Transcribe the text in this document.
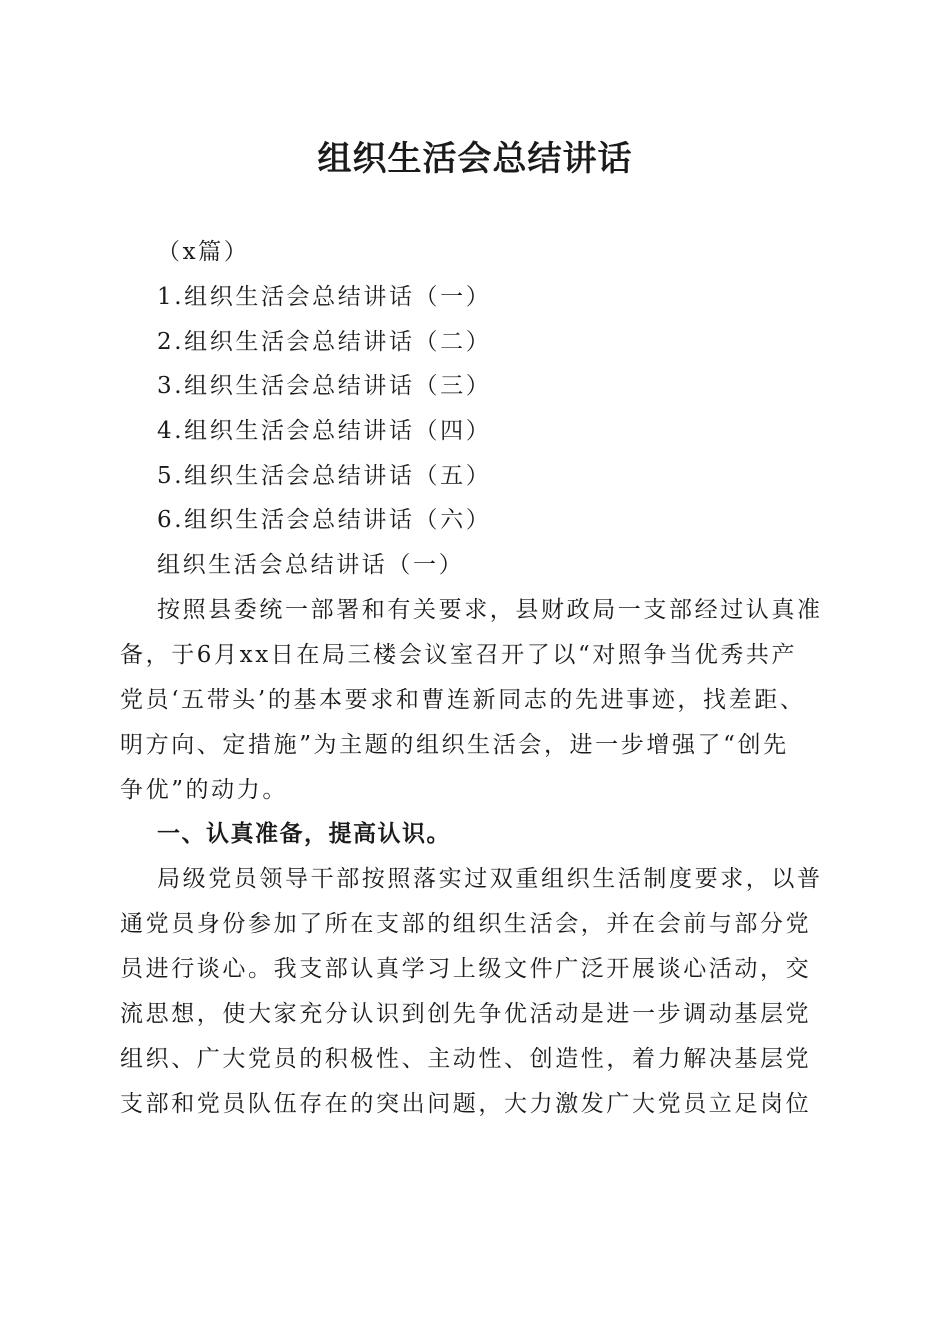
组织生活会总结讲话
（x篇）
1.组织生活会总结讲话（一）
2.组织生活会总结讲话（二）
3.组织生活会总结讲话（三）
4.组织生活会总结讲话（四）
5.组织生活会总结讲话（五）
6.组织生活会总结讲话（六）
组织生活会总结讲话（一）
按照县委统一部署和有关要求，县财政局一支部经过认真准
备，于6月xx日在局三楼会议室召开了以“对照争当优秀共产
党员‘五带头’的基本要求和曹连新同志的先进事迹，找差距、
明方向、定措施”为主题的组织生活会，进一步增强了“创先
争优”的动力。
一、认真准备，提高认识。
局级党员领导干部按照落实过双重组织生活制度要求，以普
通党员身份参加了所在支部的组织生活会，并在会前与部分党
员进行谈心。我支部认真学习上级文件广泛开展谈心活动，交
流思想，使大家充分认识到创先争优活动是进一步调动基层党
组织、广大党员的积极性、主动性、创造性，着力解决基层党
支部和党员队伍存在的突出问题，大力激发广大党员立足岗位
